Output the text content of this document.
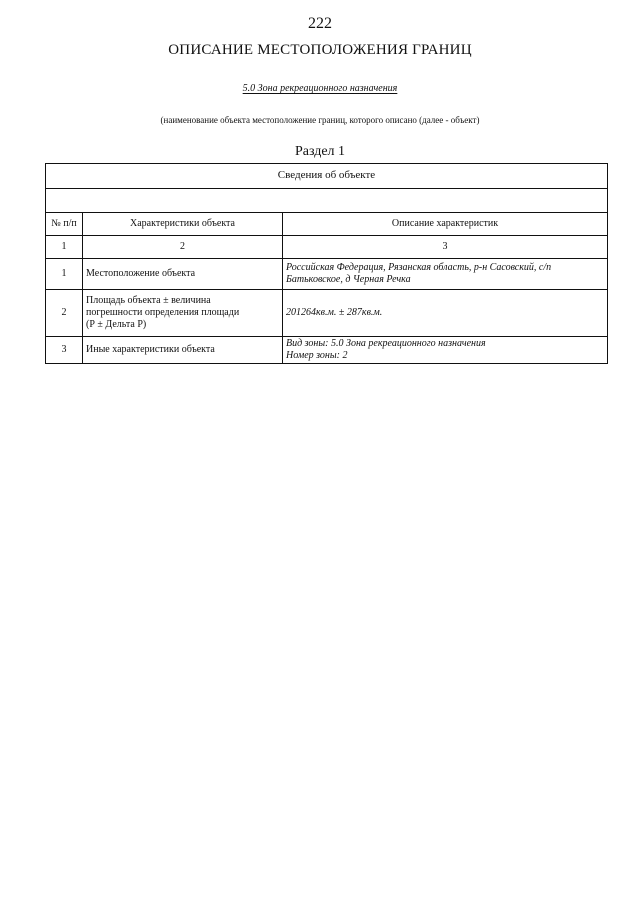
222
ОПИСАНИЕ МЕСТОПОЛОЖЕНИЯ ГРАНИЦ
5.0 Зона рекреационного назначения
(наименование объекта местоположение границ, которого описано (далее - объект)
Раздел 1
Сведения об объекте		

№ п/п	Характеристики объекта	Описание характеристик
1	2	3
1	Местоположение объекта	Российская Федерация, Рязанская область, р-н Сасовский, с/п
Батьковское, д Черная Речка

2	Площадь объекта ± величина
погрешности определения площади
(Р ± Дельта Р)	201264кв.м. ± 287кв.м.

3	Иные характеристики объекта	Вид зоны: 5.0 Зона рекреационного назначения
Номер зоны: 2
